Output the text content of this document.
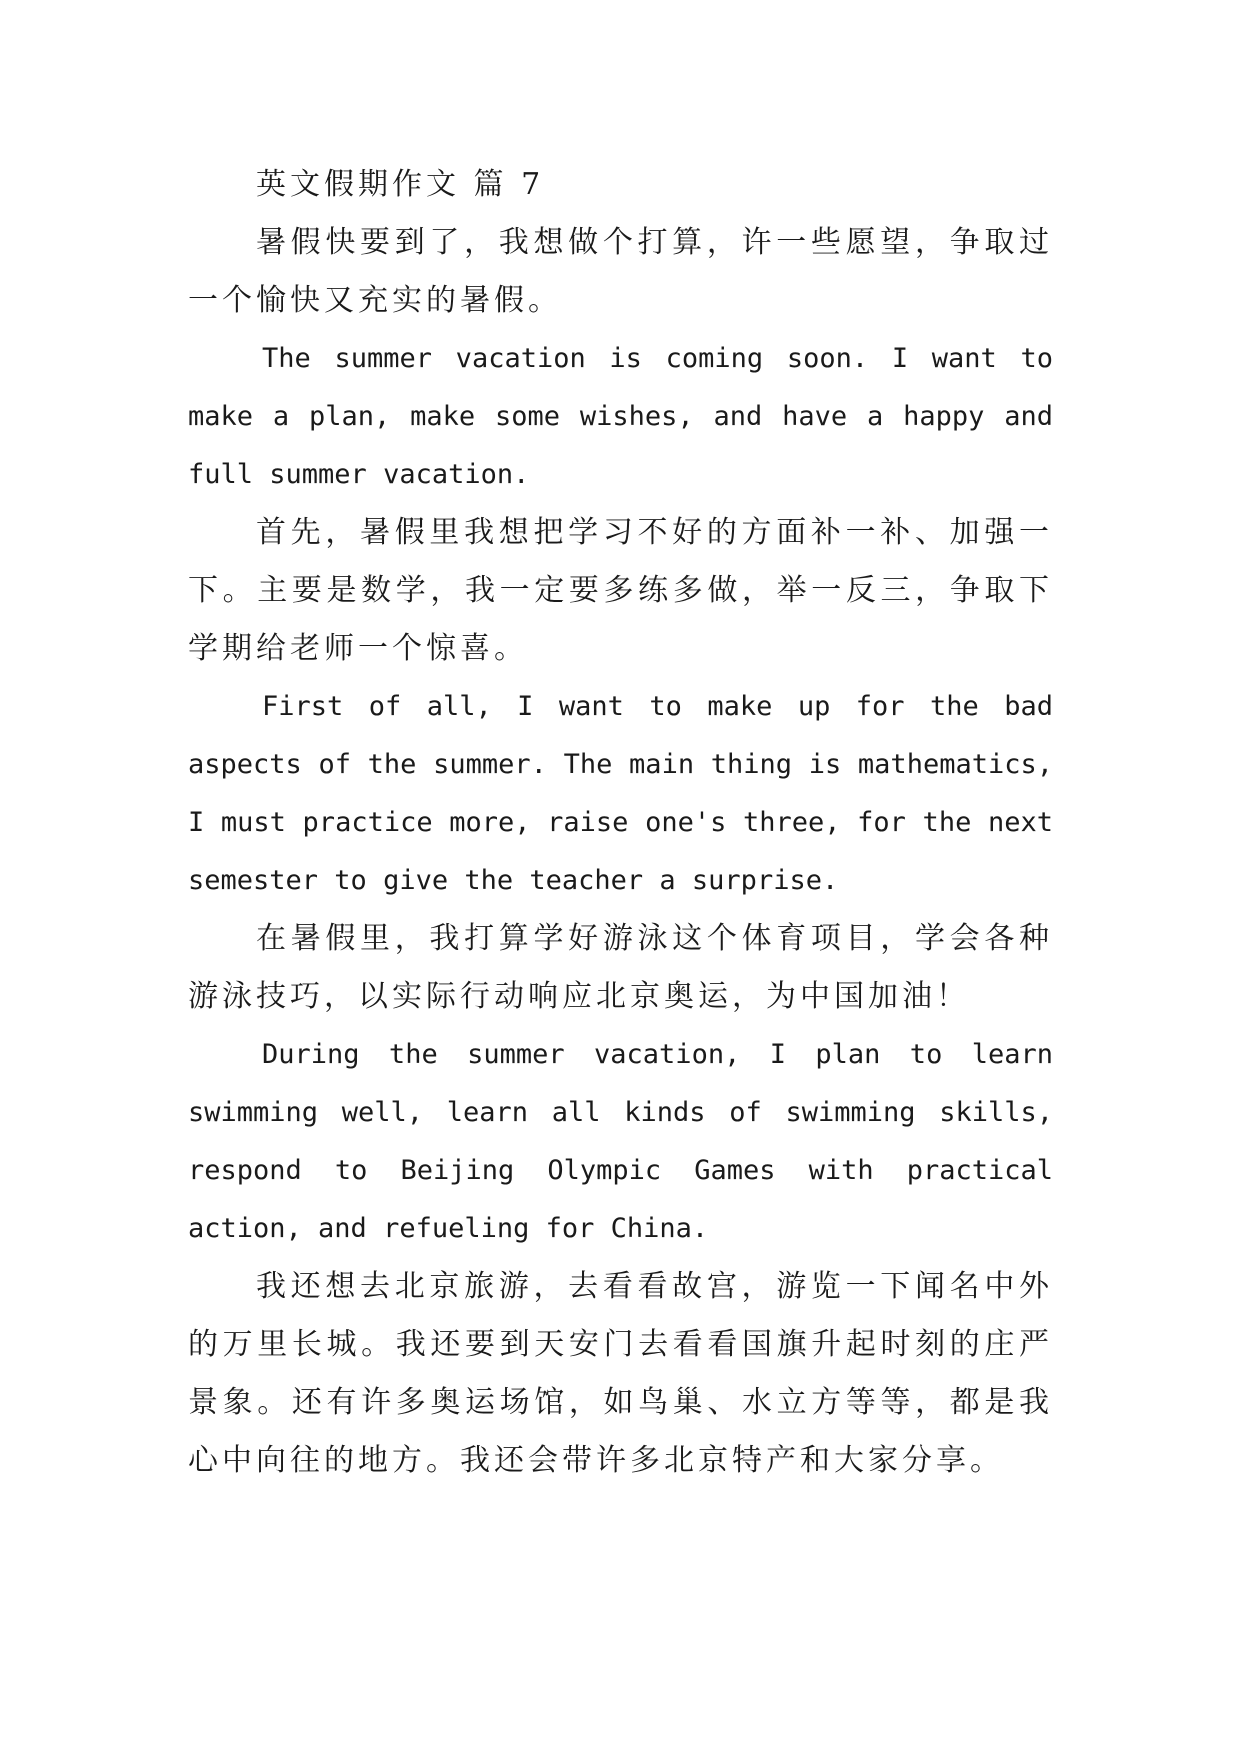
英文假期作文 篇 7

暑假快要到了，我想做个打算，许一些愿望，争取过一个愉快又充实的暑假。

The summer vacation is coming soon. I want to make a plan, make some wishes, and have a happy and full summer vacation.

首先，暑假里我想把学习不好的方面补一补、加强一下。主要是数学，我一定要多练多做，举一反三，争取下学期给老师一个惊喜。

First of all, I want to make up for the bad aspects of the summer. The main thing is mathematics, I must practice more, raise one's three, for the next semester to give the teacher a surprise.

在暑假里，我打算学好游泳这个体育项目，学会各种游泳技巧，以实际行动响应北京奥运，为中国加油！

During the summer vacation, I plan to learn swimming well, learn all kinds of swimming skills, respond to Beijing Olympic Games with practical action, and refueling for China.

我还想去北京旅游，去看看故宫，游览一下闻名中外的万里长城。我还要到天安门去看看国旗升起时刻的庄严景象。还有许多奥运场馆，如鸟巢、水立方等等，都是我心中向往的地方。我还会带许多北京特产和大家分享。
